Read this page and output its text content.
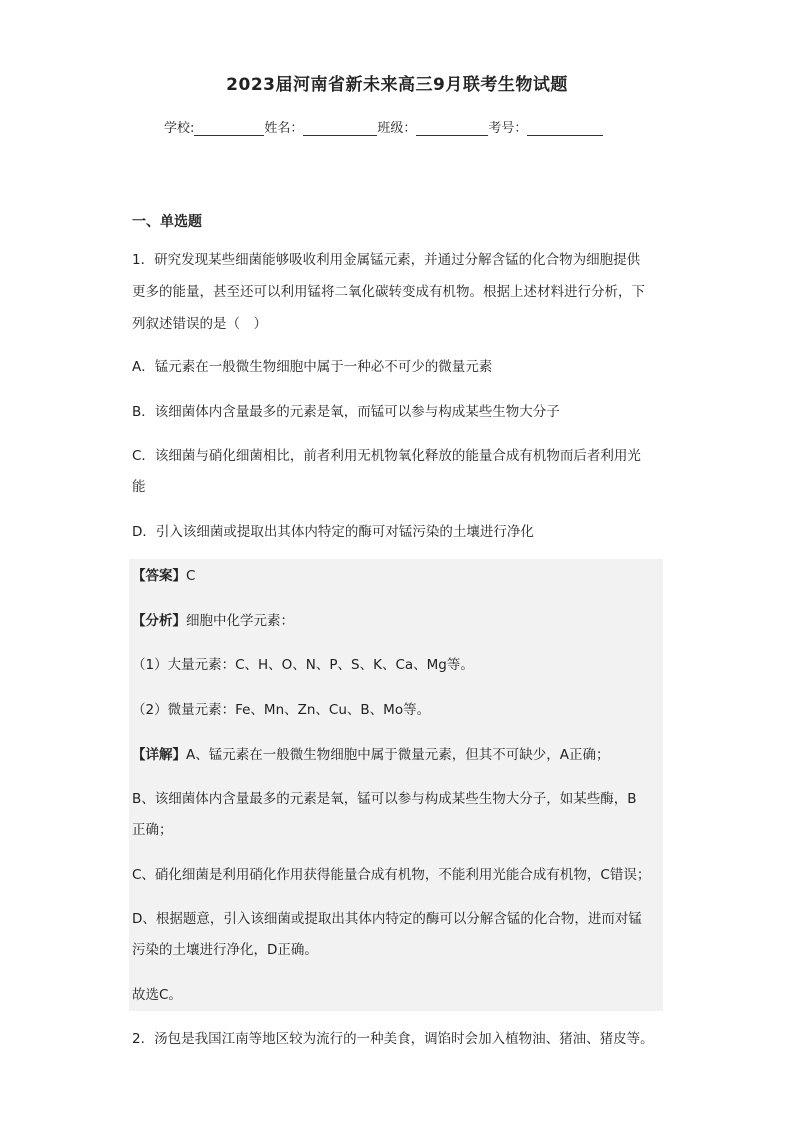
2023届河南省新未来高三9月联考生物试题
学校:	姓名：	班级：	考号：
一、单选题
1．研究发现某些细菌能够吸收利用金属锰元素，并通过分解含锰的化合物为细胞提供
更多的能量，甚至还可以利用锰将二氧化碳转变成有机物。根据上述材料进行分析，下
列叙述错误的是（　）
A．锰元素在一般微生物细胞中属于一种必不可少的微量元素
B．该细菌体内含量最多的元素是氧，而锰可以参与构成某些生物大分子
C．该细菌与硝化细菌相比，前者利用无机物氧化释放的能量合成有机物而后者利用光
能
D．引入该细菌或提取出其体内特定的酶可对锰污染的土壤进行净化
【答案】C
【分析】细胞中化学元素：
（1）大量元素：C、H、O、N、P、S、K、Ca、Mg等。
（2）微量元素：Fe、Mn、Zn、Cu、B、Mo等。
【详解】A、锰元素在一般微生物细胞中属于微量元素，但其不可缺少，A正确；
B、该细菌体内含量最多的元素是氧，锰可以参与构成某些生物大分子，如某些酶，B
正确；
C、硝化细菌是利用硝化作用获得能量合成有机物，不能利用光能合成有机物，C错误；
D、根据题意，引入该细菌或提取出其体内特定的酶可以分解含锰的化合物，进而对锰
污染的土壤进行净化，D正确。
故选C。
2．汤包是我国江南等地区较为流行的一种美食，调馅时会加入植物油、猪油、猪皮等。
